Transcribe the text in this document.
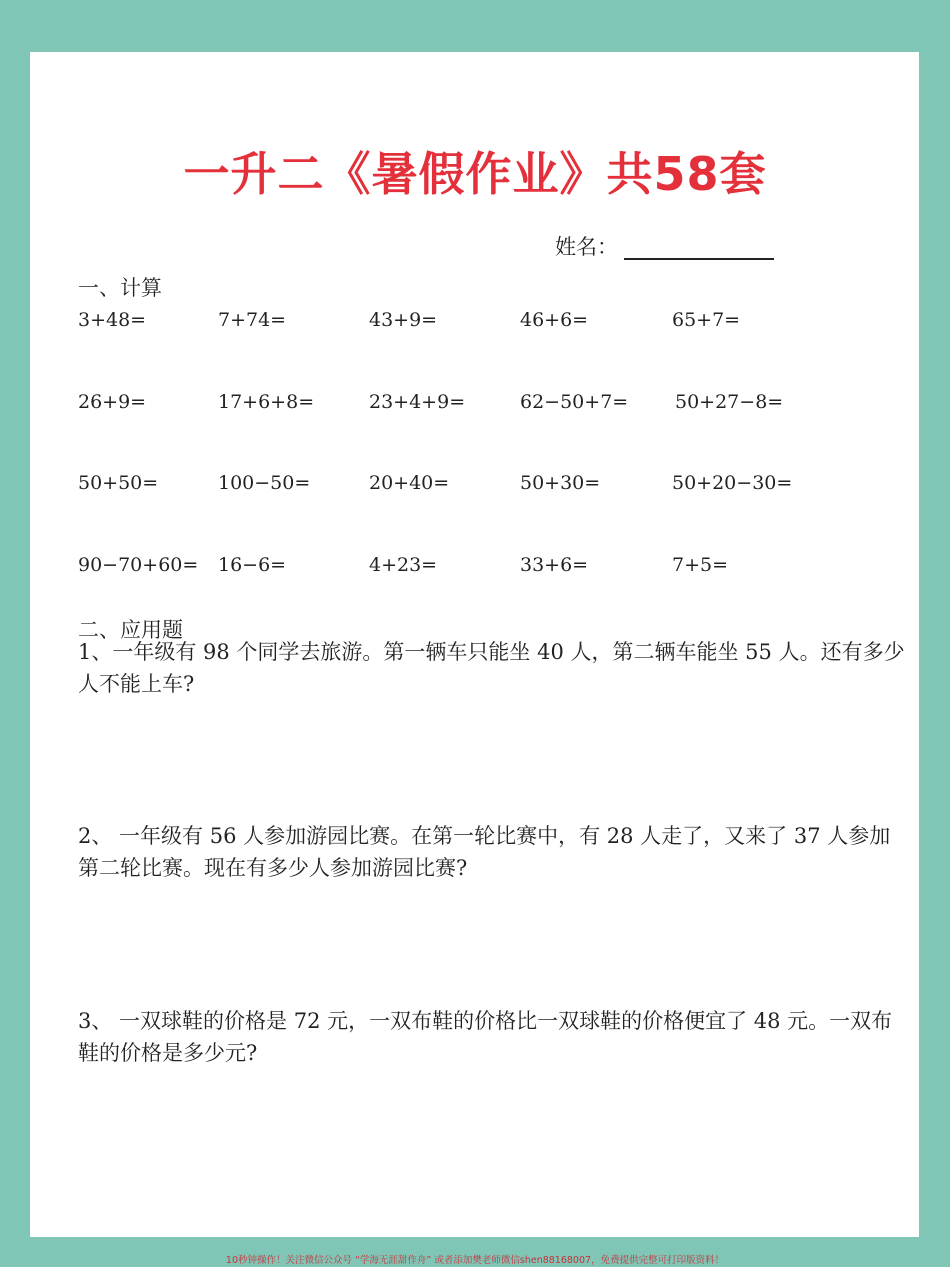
一升二《暑假作业》共58套
姓名：
一、计算
3+48=	7+74=	43+9=	46+6=	65+7=
26+9=	17+6+8=	23+4+9=	62−50+7= 50+27−8=
50+50=	100−50=	20+40=	50+30=	50+20−30=
90−70+60= 16−6=	4+23=	33+6=	7+5=
二、应用题
1、一年级有 98 个同学去旅游。第一辆车只能坐 40 人，第二辆车能坐 55 人。还有多少人不能上车?
2、 一年级有 56 人参加游园比赛。在第一轮比赛中，有 28 人走了，又来了 37 人参加第二轮比赛。现在有多少人参加游园比赛?
3、 一双球鞋的价格是 72 元，一双布鞋的价格比一双球鞋的价格便宜了 48 元。一双布鞋的价格是多少元?
10秒钟操作！关注微信公众号 “学海无涯甜作舟” 或者添加樊老师微信shen88168007，免费提供完整可打印版资料！
